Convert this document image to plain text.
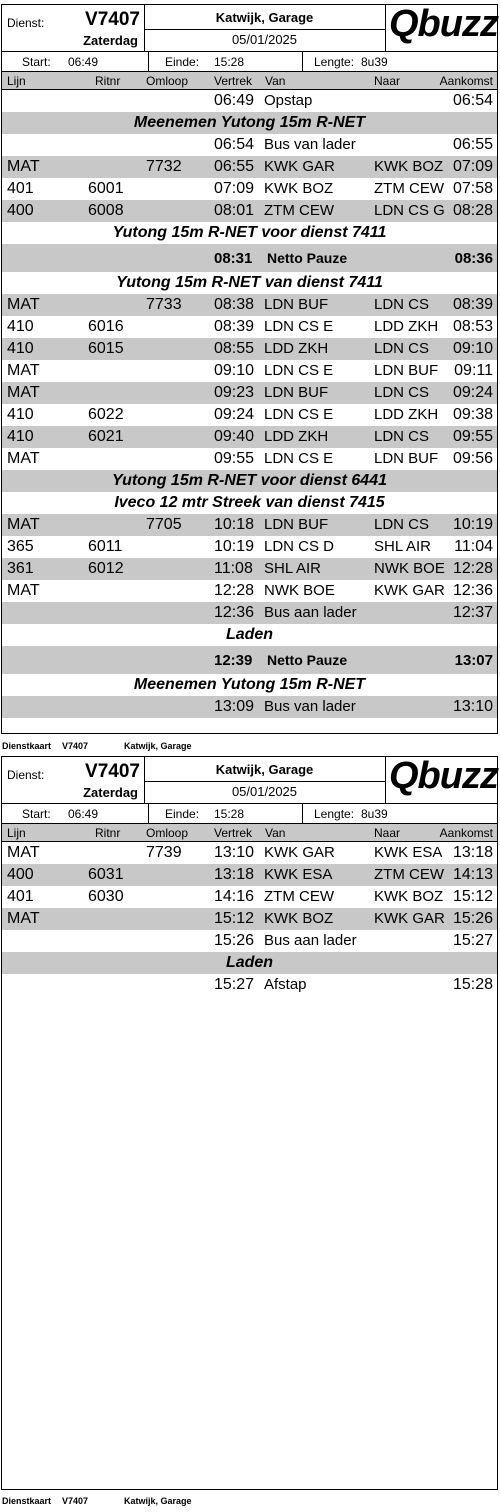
Dienst: V7407
Zaterdag
Katwijk, Garage
05/01/2025	Qbuzz
Start: 06:49	Einde: 15:28	Lengte: 8u39
Lijn	Ritnr Omloop Vertrek Van	Naar	Aankomst
06:49 Opstap	06:54
Meenemen Yutong 15m R-NET
06:54 Bus van lader	06:55
MAT	7732 06:55 KWK GAR	KWK BOZ 07:09
401	6001	07:09 KWK BOZ	ZTM CEW 07:58
400	6008	08:01 ZTM CEW	LDN CS G 08:28
Yutong 15m R-NET voor dienst 7411
08:31 Netto Pauze	08:36
Yutong 15m R-NET van dienst 7411
MAT	7733 08:38 LDN BUF	LDN CS 08:39
410	6016	08:39 LDN CS E	LDD ZKH 08:53
410	6015	08:55 LDD ZKH	LDN CS 09:10
MAT	09:10 LDN CS E	LDN BUF 09:11
MAT	09:23 LDN BUF	LDN CS 09:24
410	6022	09:24 LDN CS E	LDD ZKH 09:38
410	6021	09:40 LDD ZKH	LDN CS 09:55
MAT	09:55 LDN CS E	LDN BUF 09:56
Yutong 15m R-NET voor dienst 6441
Iveco 12 mtr Streek van dienst 7415
MAT	7705 10:18 LDN BUF	LDN CS 10:19
365	6011	10:19 LDN CS D	SHL AIR 11:04
361	6012	11:08 SHL AIR	NWK BOE 12:28
MAT	12:28 NWK BOE	KWK GAR 12:36
12:36 Bus aan lader	12:37
Laden
12:39 Netto Pauze	13:07
Meenemen Yutong 15m R-NET
13:09 Bus van lader	13:10
Dienstkaart V7407	Katwijk, Garage
Dienst: V7407
Zaterdag
Katwijk, Garage
05/01/2025	Qbuzz
Start: 06:49	Einde: 15:28	Lengte: 8u39
Lijn	Ritnr Omloop Vertrek Van	Naar	Aankomst
MAT	7739 13:10 KWK GAR	KWK ESA 13:18
400	6031	13:18 KWK ESA	ZTM CEW 14:13
401	6030	14:16 ZTM CEW	KWK BOZ 15:12
MAT	15:12 KWK BOZ	KWK GAR 15:26
15:26 Bus aan lader	15:27
Laden
15:27 Afstap	15:28
Dienstkaart V7407	Katwijk, Garage
